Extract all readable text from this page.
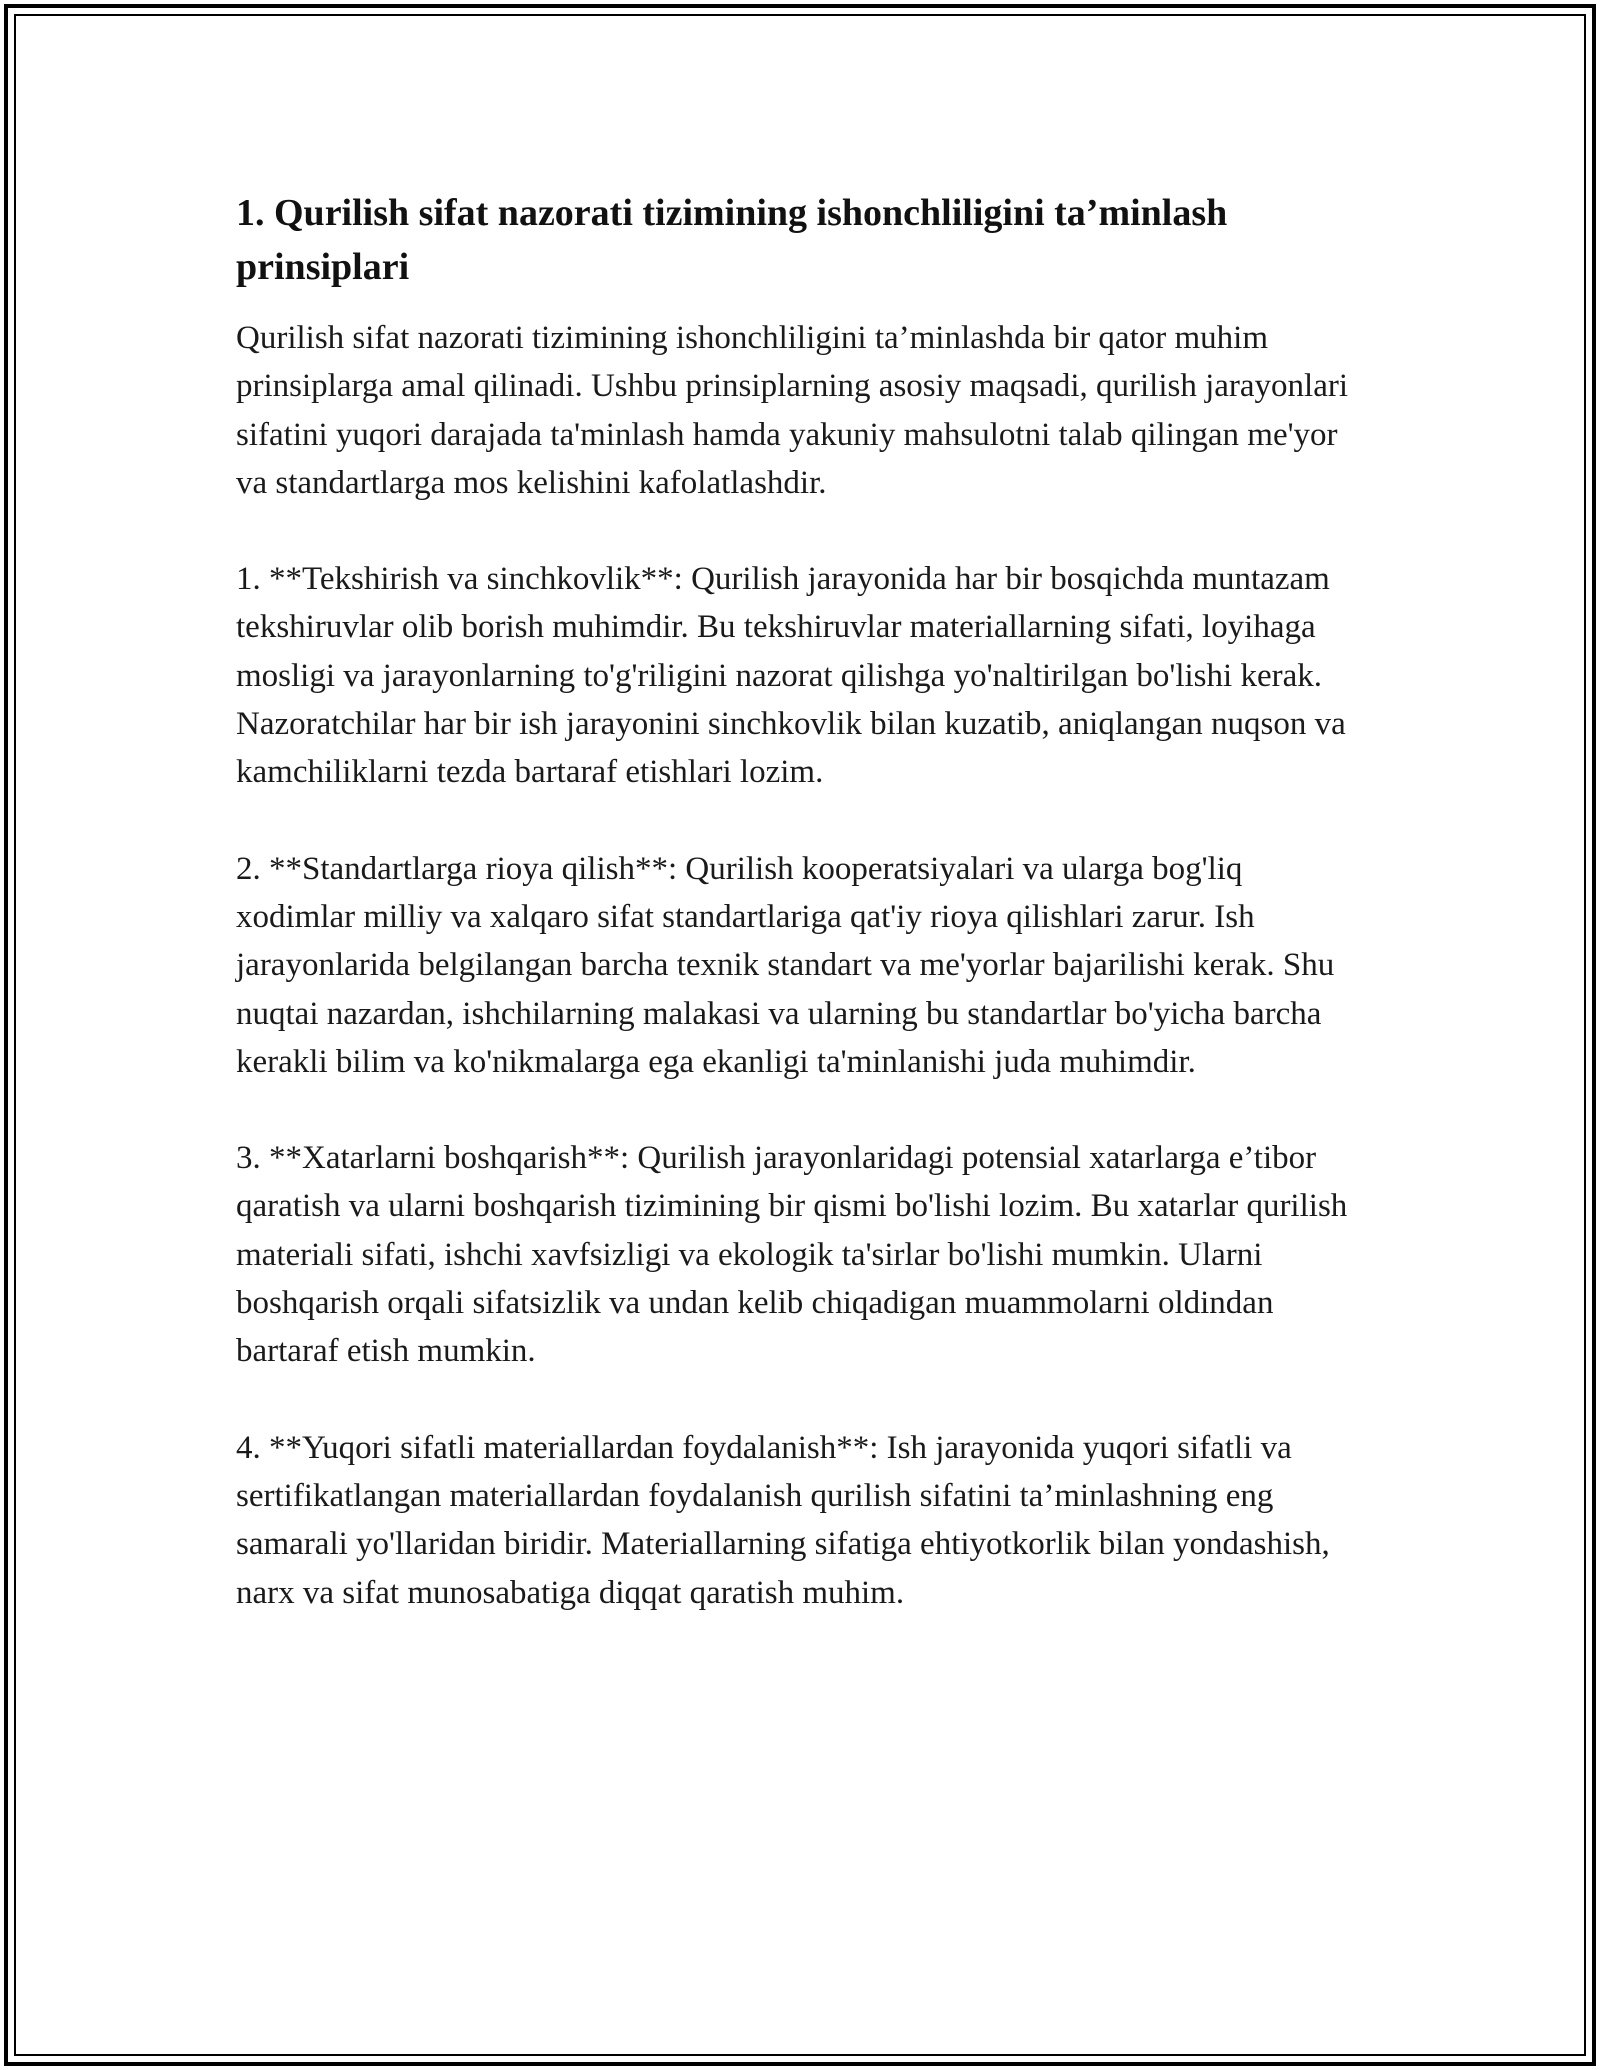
1. Qurilish sifat nazorati tizimining ishonchliligini ta’minlash prinsiplari

Qurilish sifat nazorati tizimining ishonchliligini ta’minlashda bir qator muhim prinsiplarga amal qilinadi. Ushbu prinsiplarning asosiy maqsadi, qurilish jarayonlari sifatini yuqori darajada ta'minlash hamda yakuniy mahsulotni talab qilingan me'yor va standartlarga mos kelishini kafolatlashdir.

1. **Tekshirish va sinchkovlik**: Qurilish jarayonida har bir bosqichda muntazam tekshiruvlar olib borish muhimdir. Bu tekshiruvlar materiallarning sifati, loyihaga mosligi va jarayonlarning to'g'riligini nazorat qilishga yo'naltirilgan bo'lishi kerak. Nazoratchilar har bir ish jarayonini sinchkovlik bilan kuzatib, aniqlangan nuqson va kamchiliklarni tezda bartaraf etishlari lozim.

2. **Standartlarga rioya qilish**: Qurilish kooperatsiyalari va ularga bog'liq xodimlar milliy va xalqaro sifat standartlariga qat'iy rioya qilishlari zarur. Ish jarayonlarida belgilangan barcha texnik standart va me'yorlar bajarilishi kerak. Shu nuqtai nazardan, ishchilarning malakasi va ularning bu standartlar bo'yicha barcha kerakli bilim va ko'nikmalarga ega ekanligi ta'minlanishi juda muhimdir.

3. **Xatarlarni boshqarish**: Qurilish jarayonlaridagi potensial xatarlarga e’tibor qaratish va ularni boshqarish tizimining bir qismi bo'lishi lozim. Bu xatarlar qurilish materiali sifati, ishchi xavfsizligi va ekologik ta'sirlar bo'lishi mumkin. Ularni boshqarish orqali sifatsizlik va undan kelib chiqadigan muammolarni oldindan bartaraf etish mumkin.

4. **Yuqori sifatli materiallardan foydalanish**: Ish jarayonida yuqori sifatli va sertifikatlangan materiallardan foydalanish qurilish sifatini ta’minlashning eng samarali yo'llaridan biridir. Materiallarning sifatiga ehtiyotkorlik bilan yondashish, narx va sifat munosabatiga diqqat qaratish muhim.
